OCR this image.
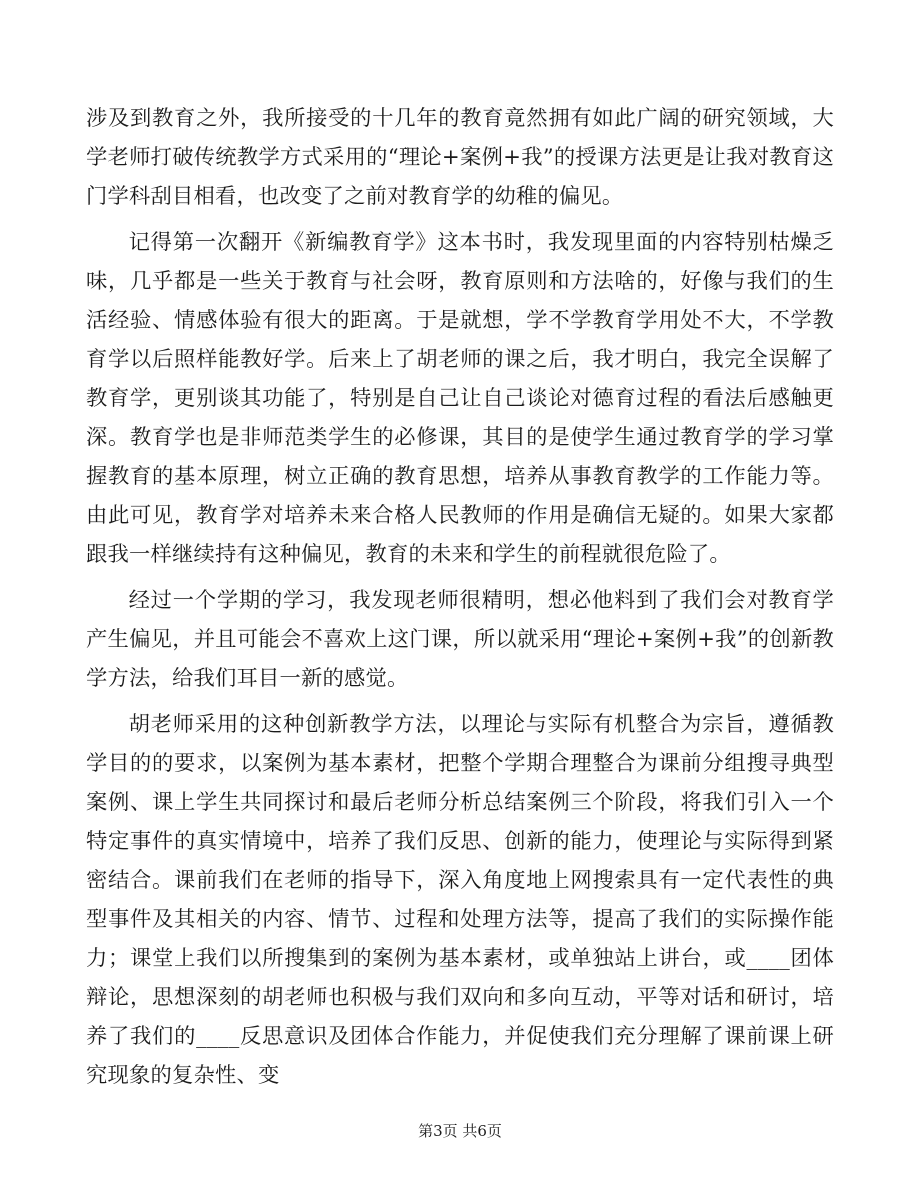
涉及到教育之外，我所接受的十几年的教育竟然拥有如此广阔的研究领域，大学老师打破传统教学方式采用的“理论+案例+我”的授课方法更是让我对教育这门学科刮目相看，也改变了之前对教育学的幼稚的偏见。

记得第一次翻开《新编教育学》这本书时，我发现里面的内容特别枯燥乏味，几乎都是一些关于教育与社会呀，教育原则和方法啥的，好像与我们的生活经验、情感体验有很大的距离。于是就想，学不学教育学用处不大，不学教育学以后照样能教好学。后来上了胡老师的课之后，我才明白，我完全误解了教育学，更别谈其功能了，特别是自己让自己谈论对德育过程的看法后感触更深。教育学也是非师范类学生的必修课，其目的是使学生通过教育学的学习掌握教育的基本原理，树立正确的教育思想，培养从事教育教学的工作能力等。由此可见，教育学对培养未来合格人民教师的作用是确信无疑的。如果大家都跟我一样继续持有这种偏见，教育的未来和学生的前程就很危险了。

经过一个学期的学习，我发现老师很精明，想必他料到了我们会对教育学产生偏见，并且可能会不喜欢上这门课，所以就采用“理论+案例+我”的创新教学方法，给我们耳目一新的感觉。

胡老师采用的这种创新教学方法，以理论与实际有机整合为宗旨，遵循教学目的的要求，以案例为基本素材，把整个学期合理整合为课前分组搜寻典型案例、课上学生共同探讨和最后老师分析总结案例三个阶段，将我们引入一个特定事件的真实情境中，培养了我们反思、创新的能力，使理论与实际得到紧密结合。课前我们在老师的指导下，深入角度地上网搜索具有一定代表性的典型事件及其相关的内容、情节、过程和处理方法等，提高了我们的实际操作能力；课堂上我们以所搜集到的案例为基本素材，或单独站上讲台，或____团体辩论，思想深刻的胡老师也积极与我们双向和多向互动，平等对话和研讨，培养了我们的____反思意识及团体合作能力，并促使我们充分理解了课前课上研究现象的复杂性、变

第3页 共6页
